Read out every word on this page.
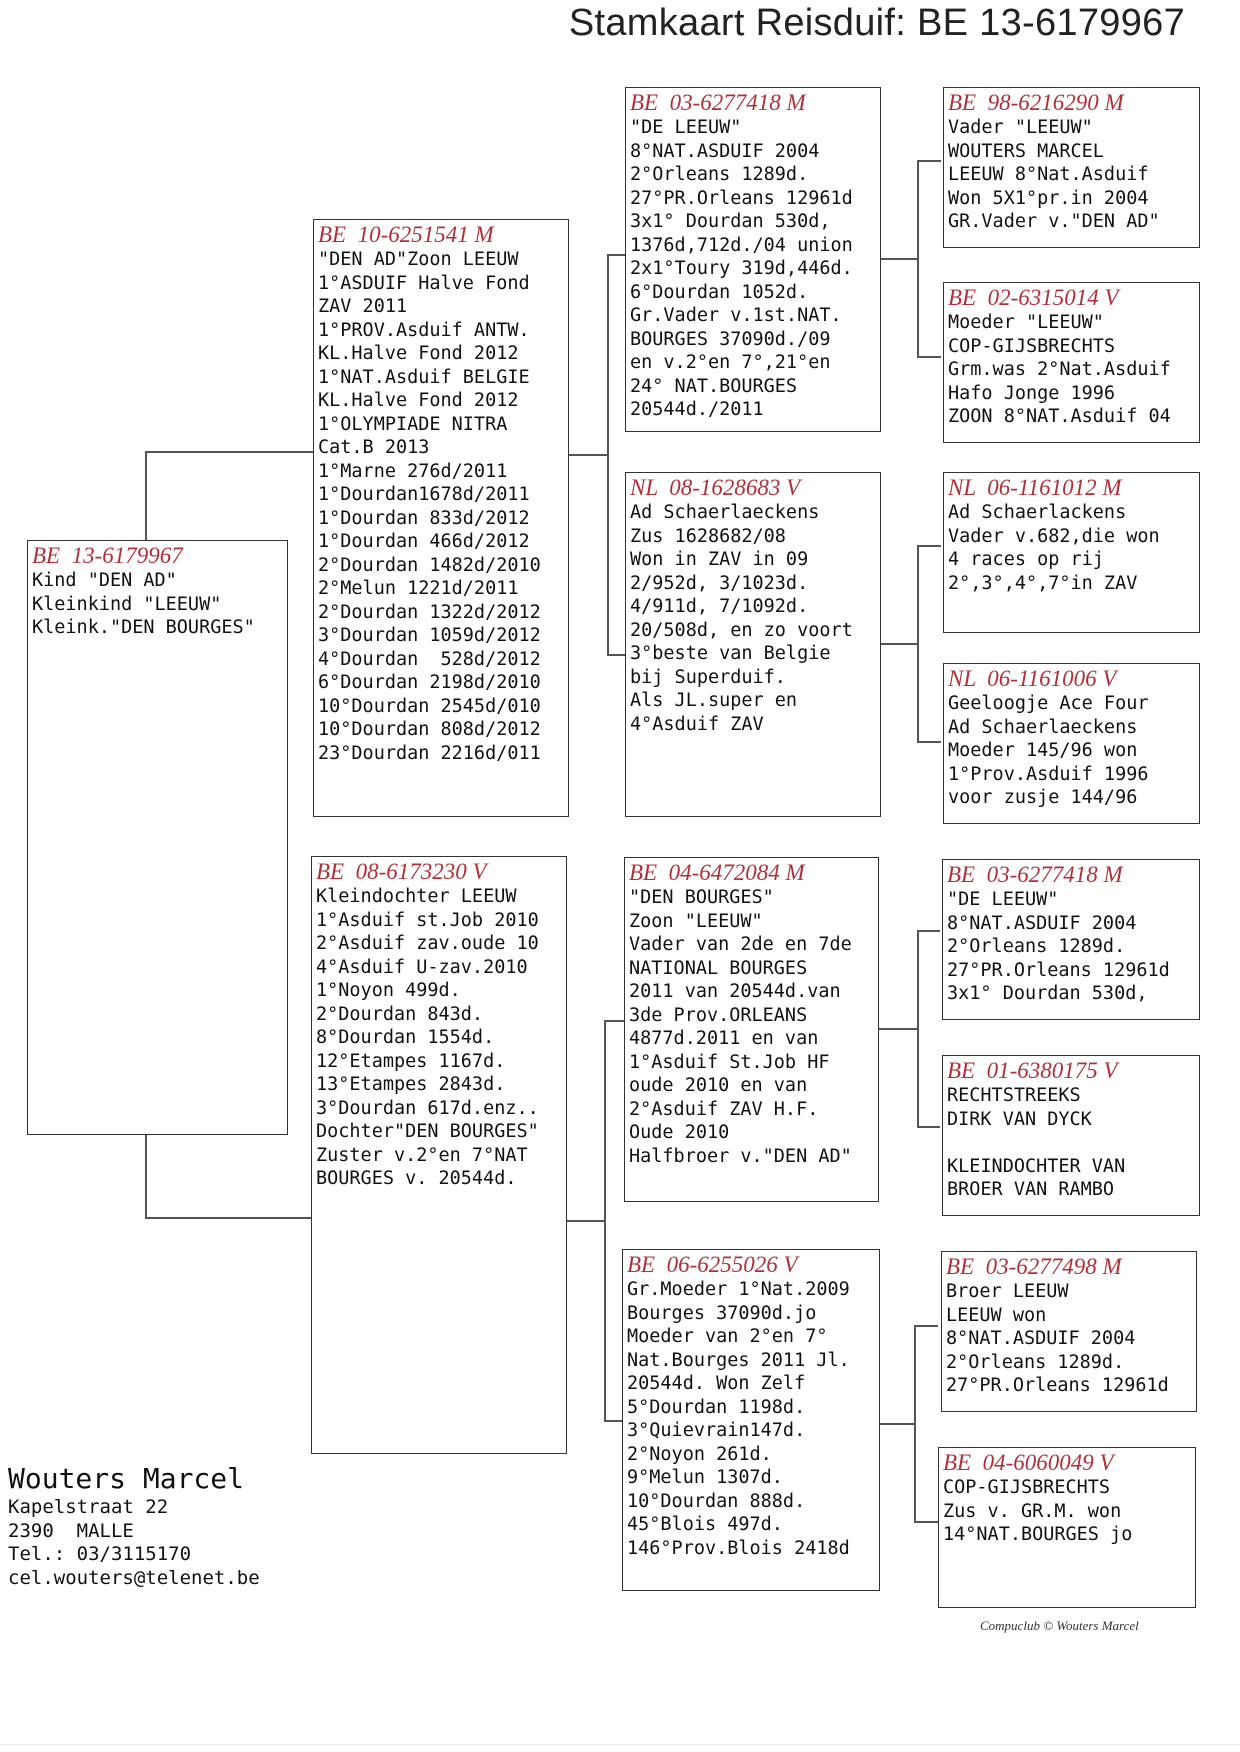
Stamkaart Reisduif: BE 13-6179967
BE  13-6179967
Kind "DEN AD"
Kleinkind "LEEUW"
Kleink."DEN BOURGES"
BE  10-6251541 M
"DEN AD"Zoon LEEUW
1°ASDUIF Halve Fond
ZAV 2011
1°PROV.Asduif ANTW.
KL.Halve Fond 2012
1°NAT.Asduif BELGIE
KL.Halve Fond 2012
1°OLYMPIADE NITRA
Cat.B 2013
1°Marne 276d/2011
1°Dourdan1678d/2011
1°Dourdan 833d/2012
1°Dourdan 466d/2012
2°Dourdan 1482d/2010
2°Melun 1221d/2011
2°Dourdan 1322d/2012
3°Dourdan 1059d/2012
4°Dourdan  528d/2012
6°Dourdan 2198d/2010
10°Dourdan 2545d/010
10°Dourdan 808d/2012
23°Dourdan 2216d/011
BE  08-6173230 V
Kleindochter LEEUW
1°Asduif st.Job 2010
2°Asduif zav.oude 10
4°Asduif U-zav.2010
1°Noyon 499d.
2°Dourdan 843d.
8°Dourdan 1554d.
12°Etampes 1167d.
13°Etampes 2843d.
3°Dourdan 617d.enz..
Dochter"DEN BOURGES"
Zuster v.2°en 7°NAT
BOURGES v. 20544d.
BE  03-6277418 M
"DE LEEUW"
8°NAT.ASDUIF 2004
2°Orleans 1289d.
27°PR.Orleans 12961d
3x1° Dourdan 530d,
1376d,712d./04 union
2x1°Toury 319d,446d.
6°Dourdan 1052d.
Gr.Vader v.1st.NAT.
BOURGES 37090d./09
en v.2°en 7°,21°en
24° NAT.BOURGES
20544d./2011
NL  08-1628683 V
Ad Schaerlaeckens
Zus 1628682/08
Won in ZAV in 09
2/952d, 3/1023d.
4/911d, 7/1092d.
20/508d, en zo voort
3°beste van Belgie
bij Superduif.
Als JL.super en
4°Asduif ZAV
BE  04-6472084 M
"DEN BOURGES"
Zoon "LEEUW"
Vader van 2de en 7de
NATIONAL BOURGES
2011 van 20544d.van
3de Prov.ORLEANS
4877d.2011 en van
1°Asduif St.Job HF
oude 2010 en van
2°Asduif ZAV H.F.
Oude 2010
Halfbroer v."DEN AD"
BE  06-6255026 V
Gr.Moeder 1°Nat.2009
Bourges 37090d.jo
Moeder van 2°en 7°
Nat.Bourges 2011 Jl.
20544d. Won Zelf
5°Dourdan 1198d.
3°Quievrain147d.
2°Noyon 261d.
9°Melun 1307d.
10°Dourdan 888d.
45°Blois 497d.
146°Prov.Blois 2418d
BE  98-6216290 M
Vader "LEEUW"
WOUTERS MARCEL
LEEUW 8°Nat.Asduif
Won 5X1°pr.in 2004
GR.Vader v."DEN AD"
BE  02-6315014 V
Moeder "LEEUW"
COP-GIJSBRECHTS
Grm.was 2°Nat.Asduif
Hafo Jonge 1996
ZOON 8°NAT.Asduif 04
NL  06-1161012 M
Ad Schaerlackens
Vader v.682,die won
4 races op rij
2°,3°,4°,7°in ZAV
NL  06-1161006 V
Geeloogje Ace Four
Ad Schaerlaeckens
Moeder 145/96 won
1°Prov.Asduif 1996
voor zusje 144/96
BE  03-6277418 M
"DE LEEUW"
8°NAT.ASDUIF 2004
2°Orleans 1289d.
27°PR.Orleans 12961d
3x1° Dourdan 530d,
BE  01-6380175 V
RECHTSTREEKS
DIRK VAN DYCK

KLEINDOCHTER VAN
BROER VAN RAMBO
BE  03-6277498 M
Broer LEEUW
LEEUW won
8°NAT.ASDUIF 2004
2°Orleans 1289d.
27°PR.Orleans 12961d
BE  04-6060049 V
COP-GIJSBRECHTS
Zus v. GR.M. won
14°NAT.BOURGES jo
Wouters Marcel
Kapelstraat 22
2390  MALLE
Tel.: 03/3115170
cel.wouters@telenet.be
Compuclub © Wouters Marcel
